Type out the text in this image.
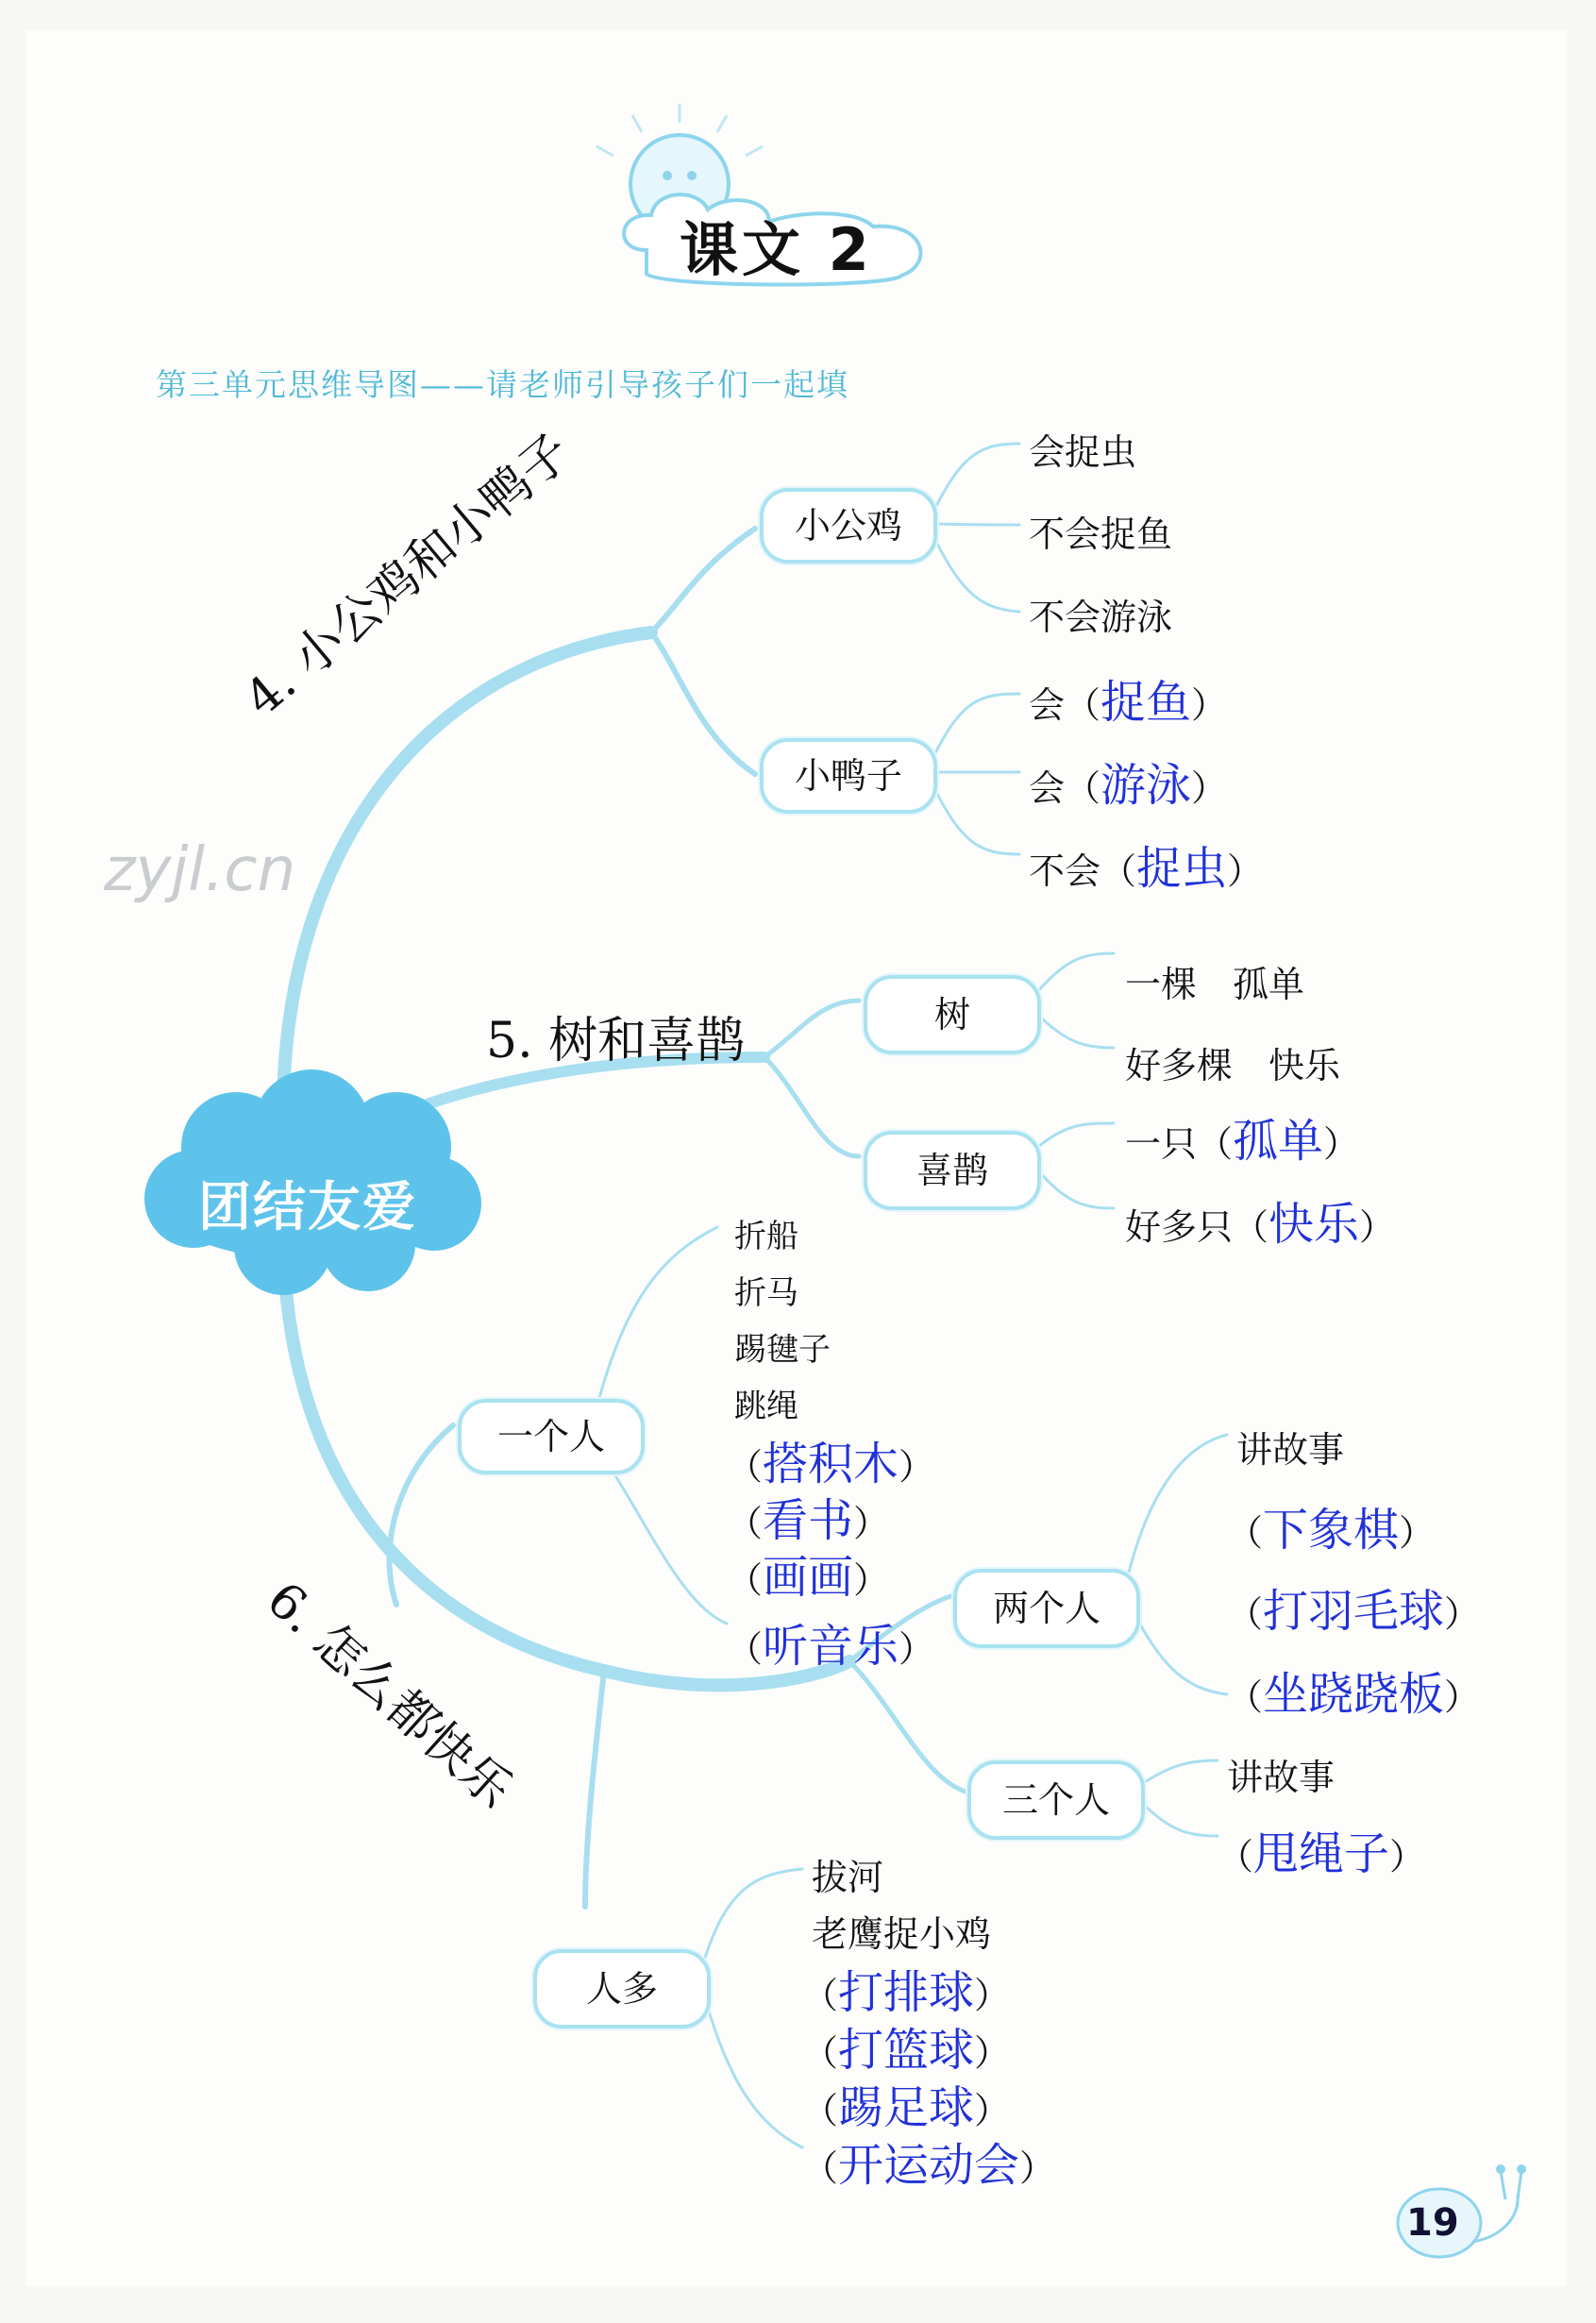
课文 2
第三单元思维导图——请老师引导孩子们一起填
zyjl.cn
团结友爱
4. 小公鸡和小鸭子	小公鸡
会捉虫
不会捉鱼
不会游泳
小鸭子
会（捉鱼）
会（游泳）
不会（捉虫）
5. 树和喜鹊	树
一棵　孤单
好多棵　快乐
喜鹊
一只（孤单）
好多只（快乐）
6. 怎么都快乐
一个人
折船
折马
踢毽子
跳绳
（搭积木）
（看书）
（画画）
（听音乐）
两个人
讲故事
（下象棋）
（打羽毛球）
（坐跷跷板）
三个人
讲故事
（甩绳子）
人多
拔河
老鹰捉小鸡
（打排球）
（打篮球）
（踢足球）
（开运动会）
19
